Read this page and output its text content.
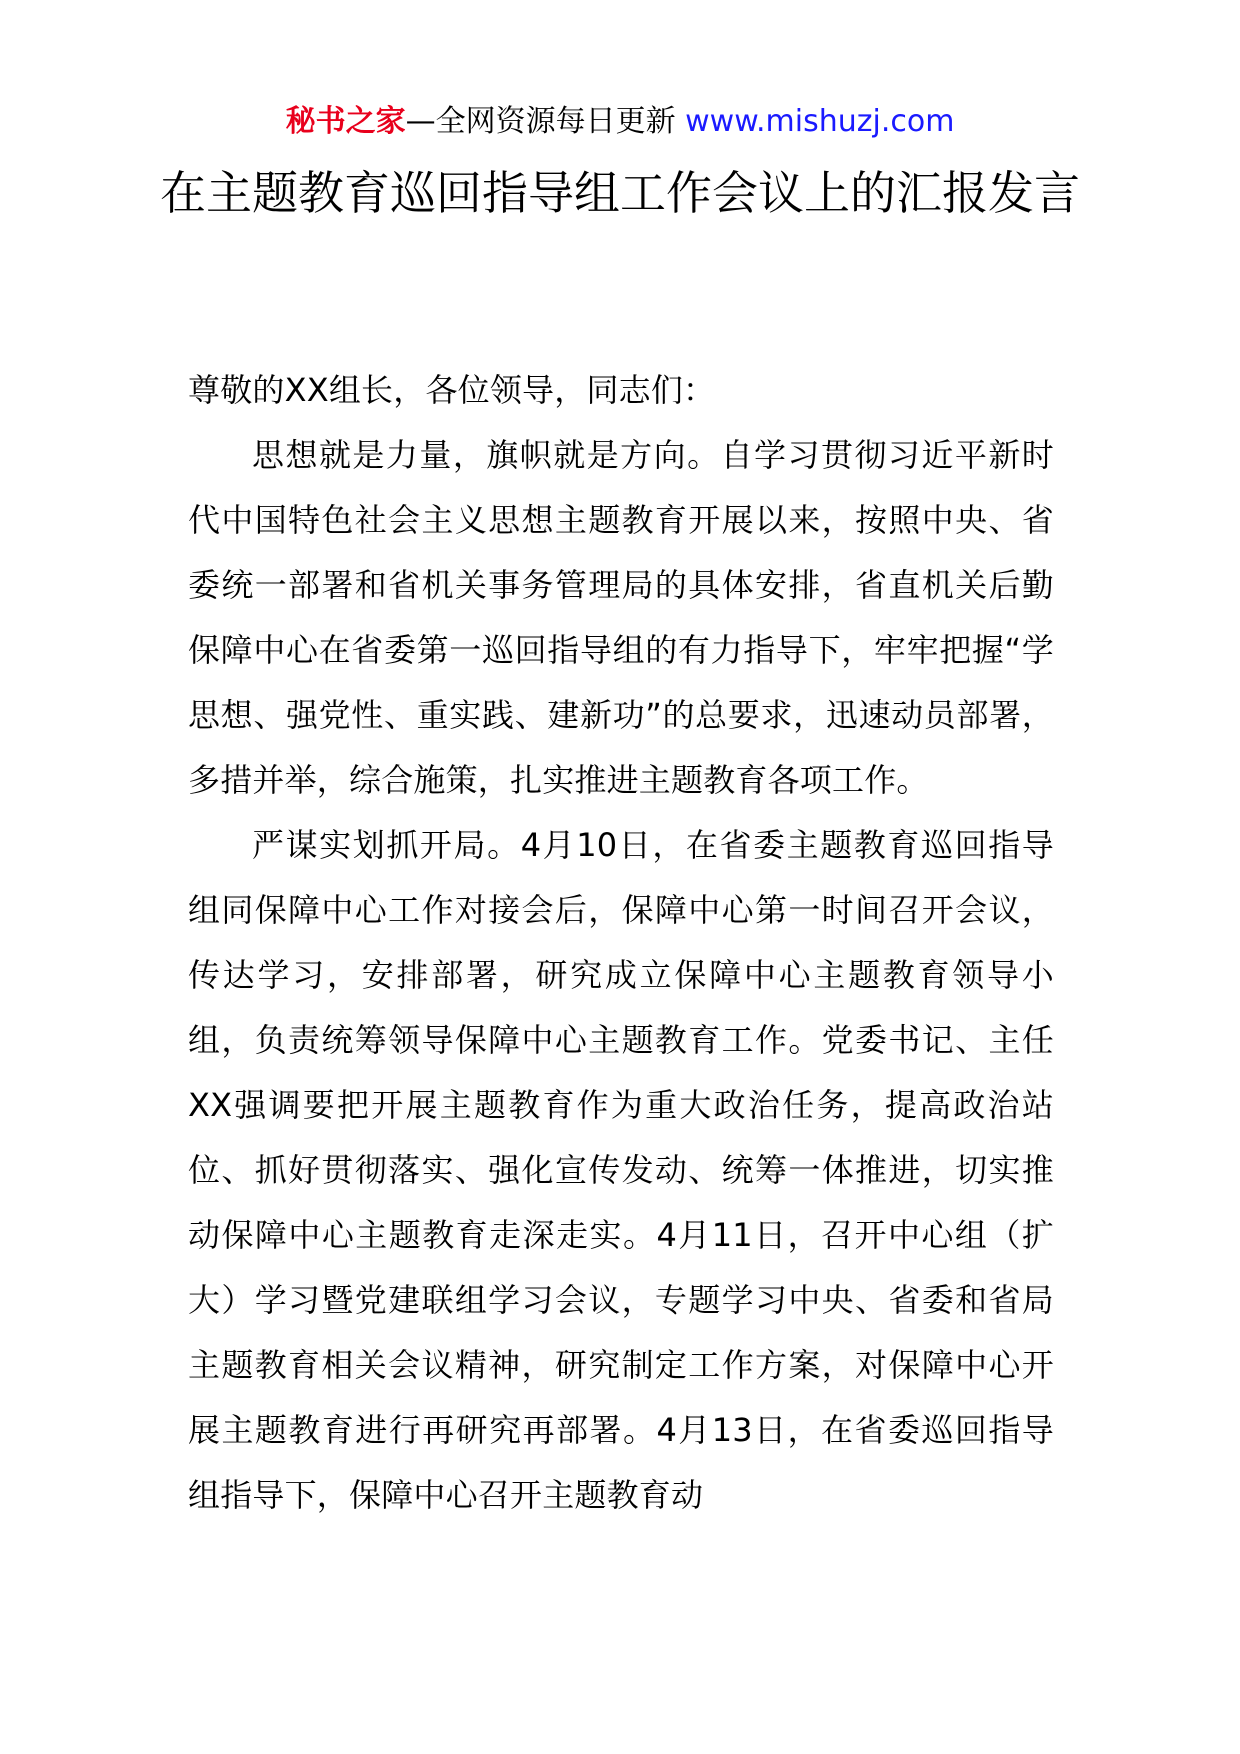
秘书之家—全网资源每日更新 www.mishuzj.com
在主题教育巡回指导组工作会议上的汇报发言

尊敬的XX组长，各位领导，同志们：

思想就是力量，旗帜就是方向。自学习贯彻习近平新时代中国特色社会主义思想主题教育开展以来，按照中央、省委统一部署和省机关事务管理局的具体安排，省直机关后勤保障中心在省委第一巡回指导组的有力指导下，牢牢把握“学思想、强党性、重实践、建新功”的总要求，迅速动员部署，多措并举，综合施策，扎实推进主题教育各项工作。

严谋实划抓开局。4月10日，在省委主题教育巡回指导组同保障中心工作对接会后，保障中心第一时间召开会议，传达学习，安排部署，研究成立保障中心主题教育领导小组，负责统筹领导保障中心主题教育工作。党委书记、主任XX强调要把开展主题教育作为重大政治任务，提高政治站位、抓好贯彻落实、强化宣传发动、统筹一体推进，切实推动保障中心主题教育走深走实。4月11日，召开中心组（扩大）学习暨党建联组学习会议，专题学习中央、省委和省局主题教育相关会议精神，研究制定工作方案，对保障中心开展主题教育进行再研究再部署。4月13日，在省委巡回指导组指导下，保障中心召开主题教育动
